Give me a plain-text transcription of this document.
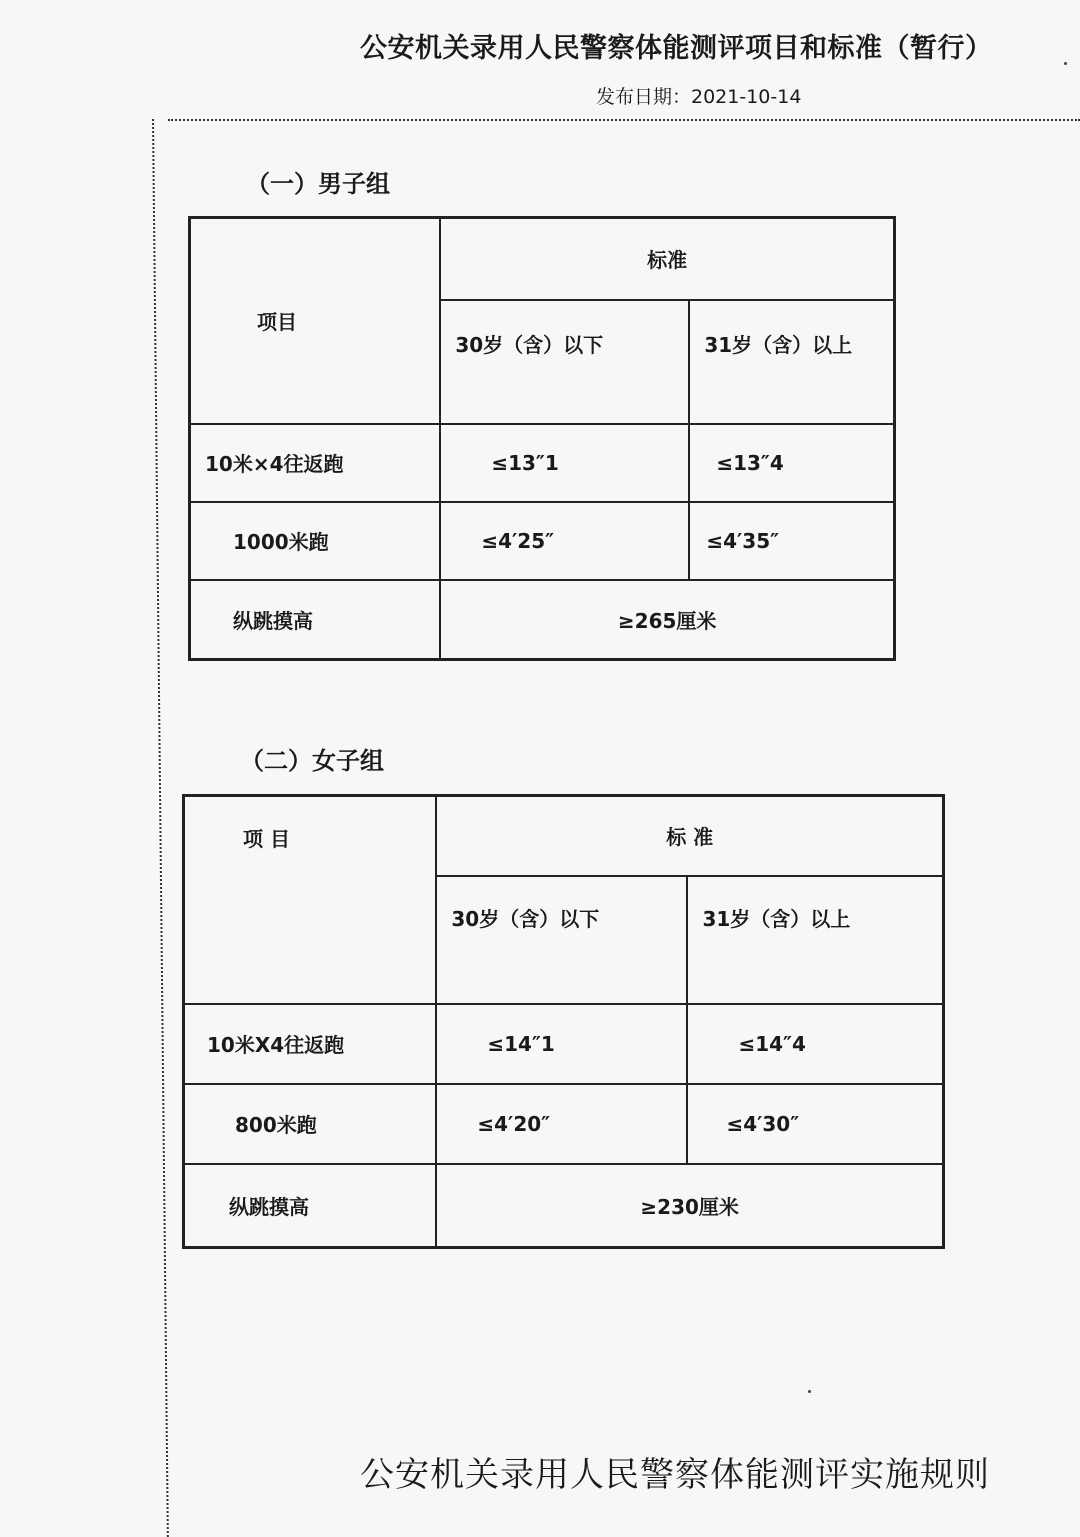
公安机关录用人民警察体能测评项目和标准（暂行）
发布日期：2021-10-14
（一）男子组
项目	标准	
	30岁（含）以下	31岁（含）以上
10米×4往返跑	≤13″1	≤13″4
1000米跑	≤4′25″	≤4′35″
纵跳摸高	≥265厘米	
（二）女子组
项 目	标 准	
	30岁（含）以下	31岁（含）以上
10米X4往返跑	≤14″1	≤14″4
800米跑	≤4′20″	≤4′30″
纵跳摸高	≥230厘米	
公安机关录用人民警察体能测评实施规则
